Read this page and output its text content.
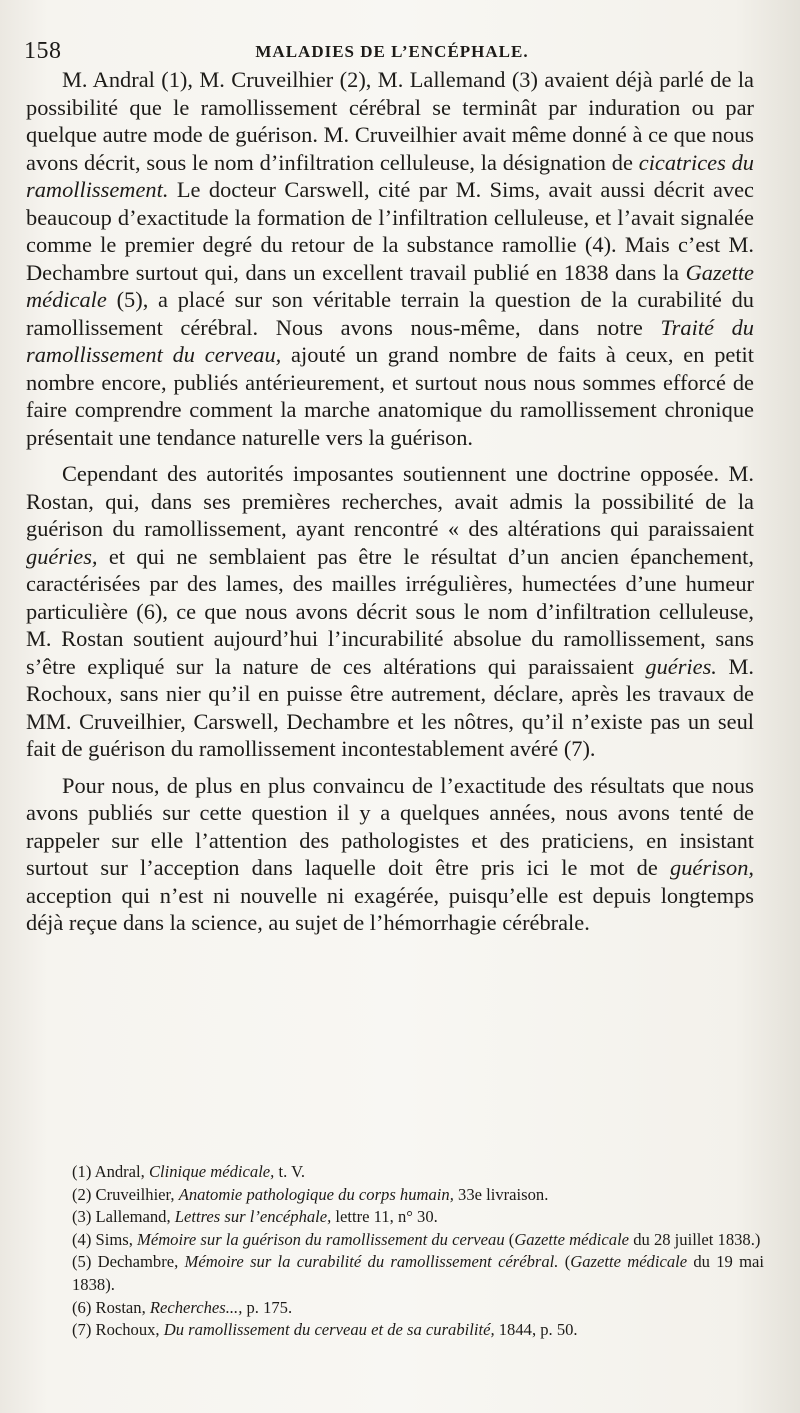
158	MALADIES DE L’ENCÉPHALE.

M. Andral (1), M. Cruveilhier (2), M. Lallemand (3) avaient déjà parlé de la possibilité que le ramollissement cérébral se terminât par induration ou par quelque autre mode de guérison. M. Cruveilhier avait même donné à ce que nous avons décrit, sous le nom d’infiltration celluleuse, la désignation de cicatrices du ramollissement. Le docteur Carswell, cité par M. Sims, avait aussi décrit avec beaucoup d’exactitude la formation de l’infiltration celluleuse, et l’avait signalée comme le premier degré du retour de la substance ramollie (4). Mais c’est M. Dechambre surtout qui, dans un excellent travail publié en 1838 dans la Gazette médicale (5), a placé sur son véritable terrain la question de la curabilité du ramollissement cérébral. Nous avons nous-même, dans notre Traité du ramollissement du cerveau, ajouté un grand nombre de faits à ceux, en petit nombre encore, publiés antérieurement, et surtout nous nous sommes efforcé de faire comprendre comment la marche anatomique du ramollissement chronique présentait une tendance naturelle vers la guérison.

Cependant des autorités imposantes soutiennent une doctrine opposée. M. Rostan, qui, dans ses premières recherches, avait admis la possibilité de la guérison du ramollissement, ayant rencontré « des altérations qui paraissaient guéries, et qui ne semblaient pas être le résultat d’un ancien épanchement, caractérisées par des lames, des mailles irrégulières, humectées d’une humeur particulière (6), ce que nous avons décrit sous le nom d’infiltration celluleuse, M. Rostan soutient aujourd’hui l’incurabilité absolue du ramollissement, sans s’être expliqué sur la nature de ces altérations qui paraissaient guéries. M. Rochoux, sans nier qu’il en puisse être autrement, déclare, après les travaux de MM. Cruveilhier, Carswell, Dechambre et les nôtres, qu’il n’existe pas un seul fait de guérison du ramollissement incontestablement avéré (7).

Pour nous, de plus en plus convaincu de l’exactitude des résultats que nous avons publiés sur cette question il y a quelques années, nous avons tenté de rappeler sur elle l’attention des pathologistes et des praticiens, en insistant surtout sur l’acception dans laquelle doit être pris ici le mot de guérison, acception qui n’est ni nouvelle ni exagérée, puisqu’elle est depuis longtemps déjà reçue dans la science, au sujet de l’hémorrhagie cérébrale.

(1) Andral, Clinique médicale, t. V.

(2) Cruveilhier, Anatomie pathologique du corps humain, 33e livraison.

(3) Lallemand, Lettres sur l’encéphale, lettre 11, n° 30.

(4) Sims, Mémoire sur la guérison du ramollissement du cerveau (Gazette médicale du 28 juillet 1838.)

(5) Dechambre, Mémoire sur la curabilité du ramollissement cérébral. (Gazette médicale du 19 mai 1838).

(6) Rostan, Recherches..., p. 175.

(7) Rochoux, Du ramollissement du cerveau et de sa curabilité, 1844, p. 50.
